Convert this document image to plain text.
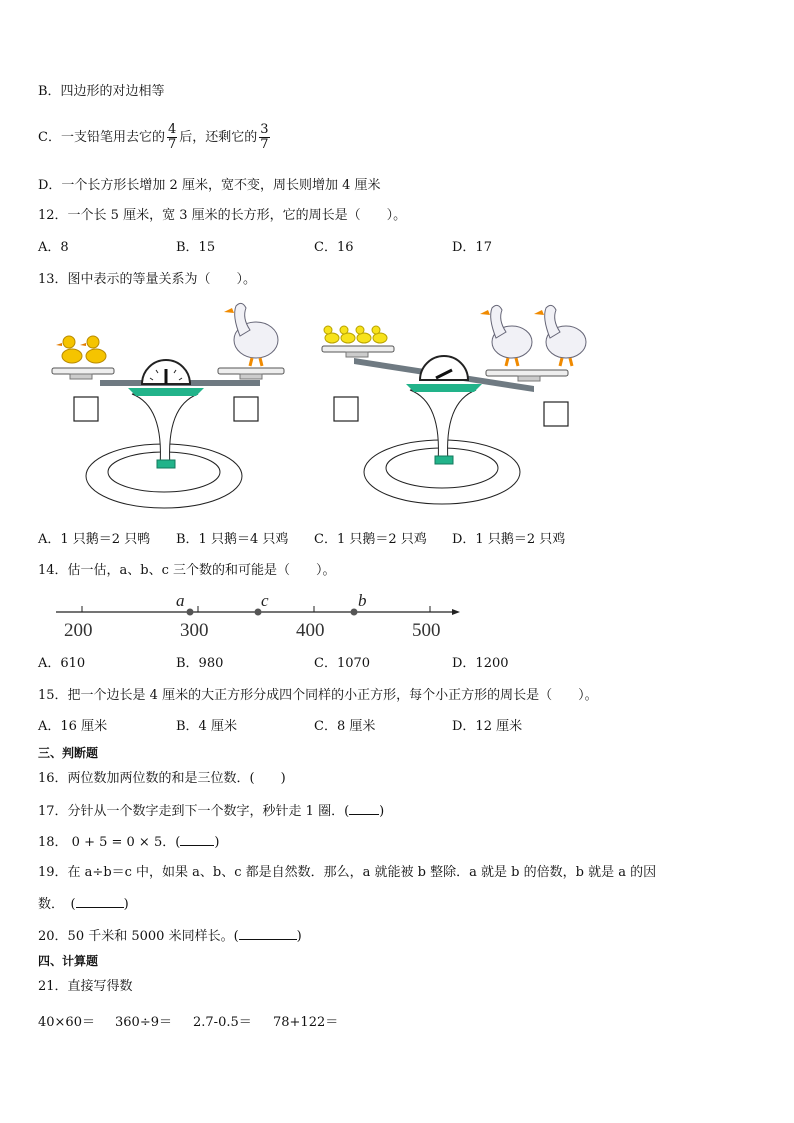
B．四边形的对边相等
C．一支铅笔用去它的 $\frac{4}{7}$ 后，还剩它的 $\frac{3}{7}$
D．一个长方形长增加 2 厘米，宽不变，周长则增加 4 厘米
12．一个长 5 厘米，宽 3 厘米的长方形，它的周长是（　　）。
A．8	B．15	C．16	D．17
13．图中表示的等量关系为（　　）。
A．1 只鹅＝2 只鸭 B．1 只鹅＝4 只鸡 C．1 只鹅＝2 只鸡 D．1 只鹅＝2 只鸡
14．估一估，a、b、c 三个数的和可能是（　　）。
a	c	b
200	300	400	500
A．610	B．980	C．1070	D．1200
15．把一个边长是 4 厘米的大正方形分成四个同样的小正方形，每个小正方形的周长是（　　）。
A．16 厘米	B．4 厘米	C．8 厘米	D．12 厘米
三、判断题
16．两位数加两位数的和是三位数．(　　)
17．分针从一个数字走到下一个数字，秒针走 1 圈．( )
18． 0 + 5 = 0 × 5．(	)
19．在 a÷b＝c 中，如果 a、b、c 都是自然数．那么，a 就能被 b 整除．a 就是 b 的倍数，b 就是 a 的因
数．　(	)
20．50 千米和 5000 米同样长。(	)
四、计算题
21．直接写得数
40×60＝ 360÷9＝ 2.7-0.5＝ 78+122＝
